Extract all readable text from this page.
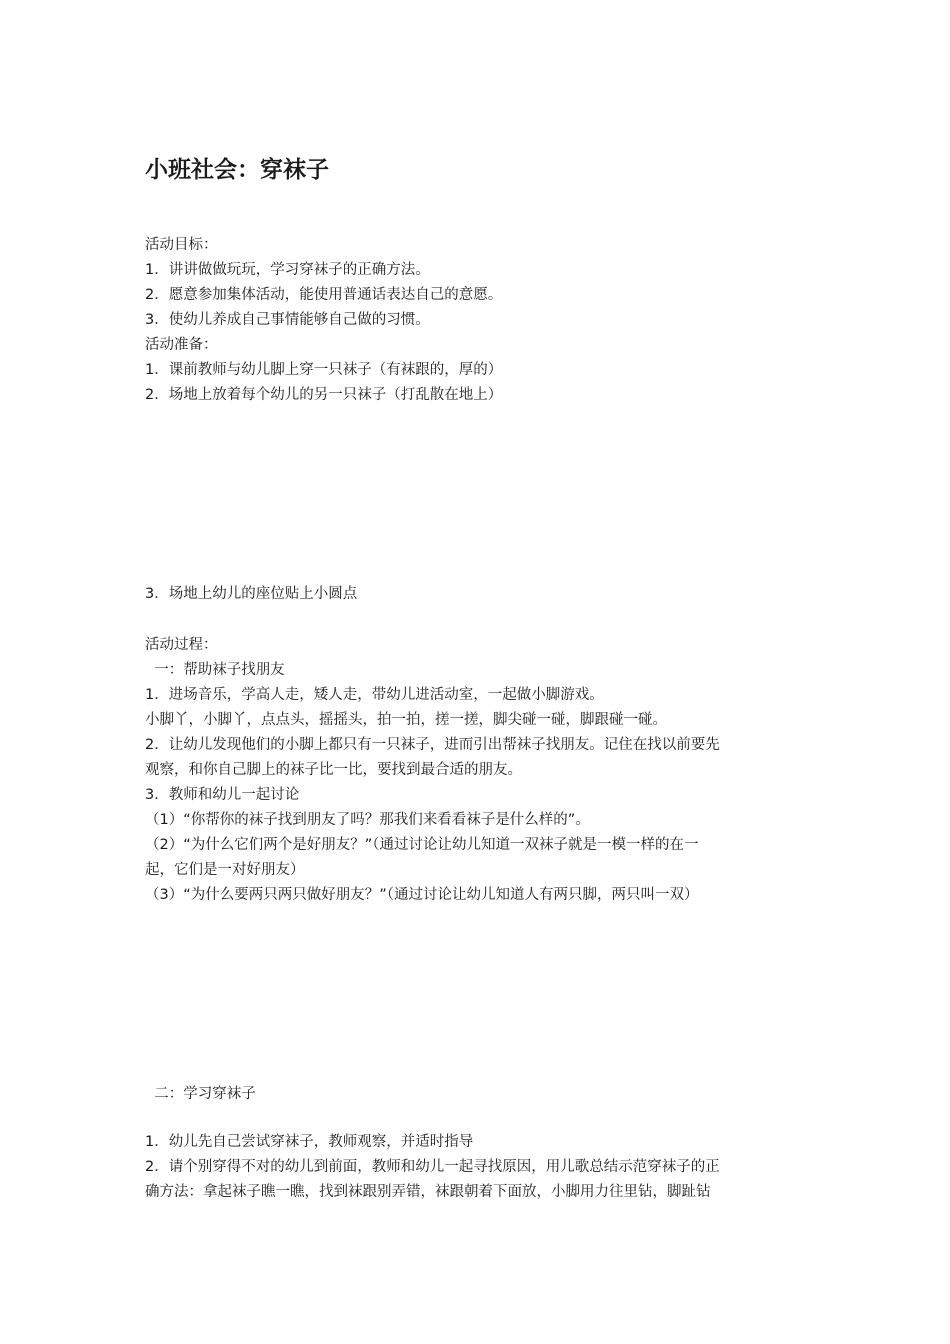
小班社会：穿袜子
活动目标：
1．讲讲做做玩玩，学习穿袜子的正确方法。
2．愿意参加集体活动，能使用普通话表达自己的意愿。
3．使幼儿养成自己事情能够自己做的习惯。
活动准备：
1．课前教师与幼儿脚上穿一只袜子（有袜跟的，厚的）
2．场地上放着每个幼儿的另一只袜子（打乱散在地上）
3．场地上幼儿的座位贴上小圆点
活动过程：
一：帮助袜子找朋友
1．进场音乐，学高人走，矮人走，带幼儿进活动室，一起做小脚游戏。
小脚丫，小脚丫，点点头，摇摇头，拍一拍，搓一搓，脚尖碰一碰，脚跟碰一碰。
2．让幼儿发现他们的小脚上都只有一只袜子，进而引出帮袜子找朋友。记住在找以前要先
观察，和你自己脚上的袜子比一比，要找到最合适的朋友。
3．教师和幼儿一起讨论
（1）“你帮你的袜子找到朋友了吗？那我们来看看袜子是什么样的”。
（2）“为什么它们两个是好朋友？”（通过讨论让幼儿知道一双袜子就是一模一样的在一
起，它们是一对好朋友）
（3）“为什么要两只两只做好朋友？”（通过讨论让幼儿知道人有两只脚，两只叫一双）
二：学习穿袜子
1．幼儿先自己尝试穿袜子，教师观察，并适时指导
2．请个别穿得不对的幼儿到前面，教师和幼儿一起寻找原因，用儿歌总结示范穿袜子的正
确方法：拿起袜子瞧一瞧，找到袜跟别弄错，袜跟朝着下面放，小脚用力往里钻，脚趾钻
